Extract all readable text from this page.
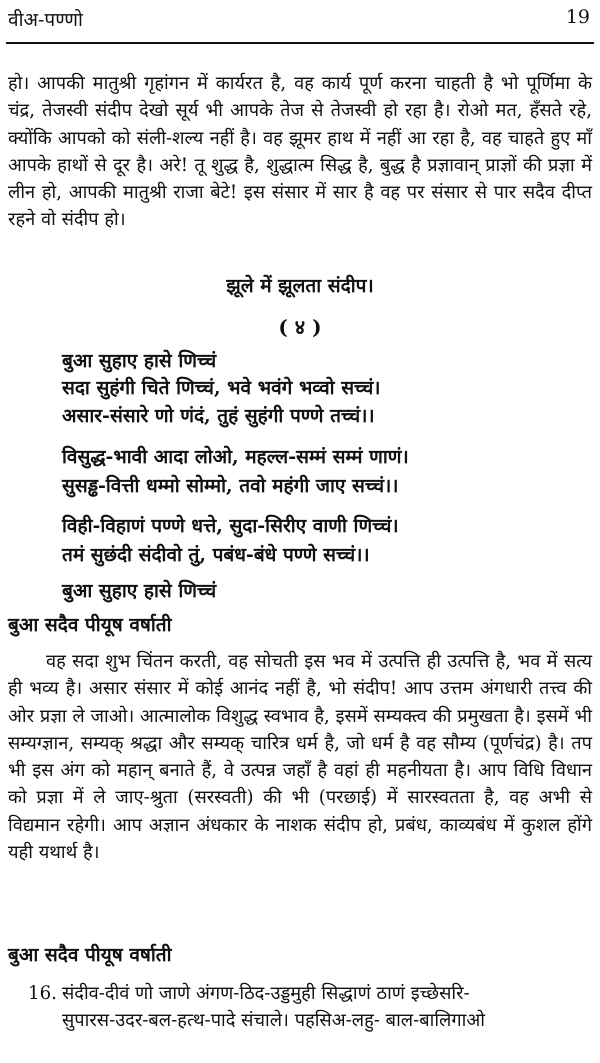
वीअ-पण्णो	19

हो। आपकी मातुश्री गृहांगन में कार्यरत है, वह कार्य पूर्ण करना चाहती है भो पूर्णिमा के चंद्र, तेजस्वी संदीप देखो सूर्य भी आपके तेज से तेजस्वी हो रहा है। रोओ मत, हँसते रहे, क्योंकि आपको को संली-शल्य नहीं है। वह झूमर हाथ में नहीं आ रहा है, वह चाहते हुए माँ आपके हाथों से दूर है। अरे! तू शुद्ध है, शुद्धात्म सिद्ध है, बुद्ध है प्रज्ञावान् प्राज्ञों की प्रज्ञा में लीन हो, आपकी मातुश्री राजा बेटे! इस संसार में सार है वह पर संसार से पार सदैव दीप्त रहने वो संदीप हो।

झूले में झूलता संदीप।
( ४ )
बुआ सुहाए हासे णिच्चं
सदा सुहंगी चिते णिच्चं, भवे भवंगे भव्वो सच्चं।
असार-संसारे णो णंदं, तुहं सुहंगी पण्णे तच्चं।।
विसुद्ध-भावी आदा लोओ, महल्ल-सम्मं सम्मं णाणं।
सुसड्ढ-वित्ती धम्मो सोम्मो, तवो महंगी जाए सच्चं।।
विही-विहाणं पण्णे धत्ते, सुदा-सिरीए वाणी णिच्चं।
तमं सुछंदी संदीवो तुं, पबंध-बंधे पण्णे सच्चं।।
बुआ सुहाए हासे णिच्चं
बुआ सदैव पीयूष वर्षाती

वह सदा शुभ चिंतन करती, वह सोचती इस भव में उत्पत्ति ही उत्पत्ति है, भव में सत्य ही भव्य है। असार संसार में कोई आनंद नहीं है, भो संदीप! आप उत्तम अंगधारी तत्त्व की ओर प्रज्ञा ले जाओ। आत्मालोक विशुद्ध स्वभाव है, इसमें सम्यक्त्व की प्रमुखता है। इसमें भी सम्यग्ज्ञान, सम्यक् श्रद्धा और सम्यक् चारित्र धर्म है, जो धर्म है वह सौम्य (पूर्णचंद्र) है। तप भी इस अंग को महान् बनाते हैं, वे उत्पन्न जहाँ है वहां ही महनीयता है। आप विधि विधान को प्रज्ञा में ले जाए-श्रुता (सरस्वती) की भी (परछाई) में सारस्वतता है, वह अभी से विद्यमान रहेगी। आप अज्ञान अंधकार के नाशक संदीप हो, प्रबंध, काव्यबंध में कुशल होंगे यही यथार्थ है।

बुआ सदैव पीयूष वर्षाती

16. संदीव-दीवं णो जाणे अंगण-ठिद-उड्डमुही सिद्धाणं ठाणं इच्छेसरि-
सुपारस-उदर-बल-हत्थ-पादे संचाले। पहसिअ-लहु- बाल-बालिगाओ
